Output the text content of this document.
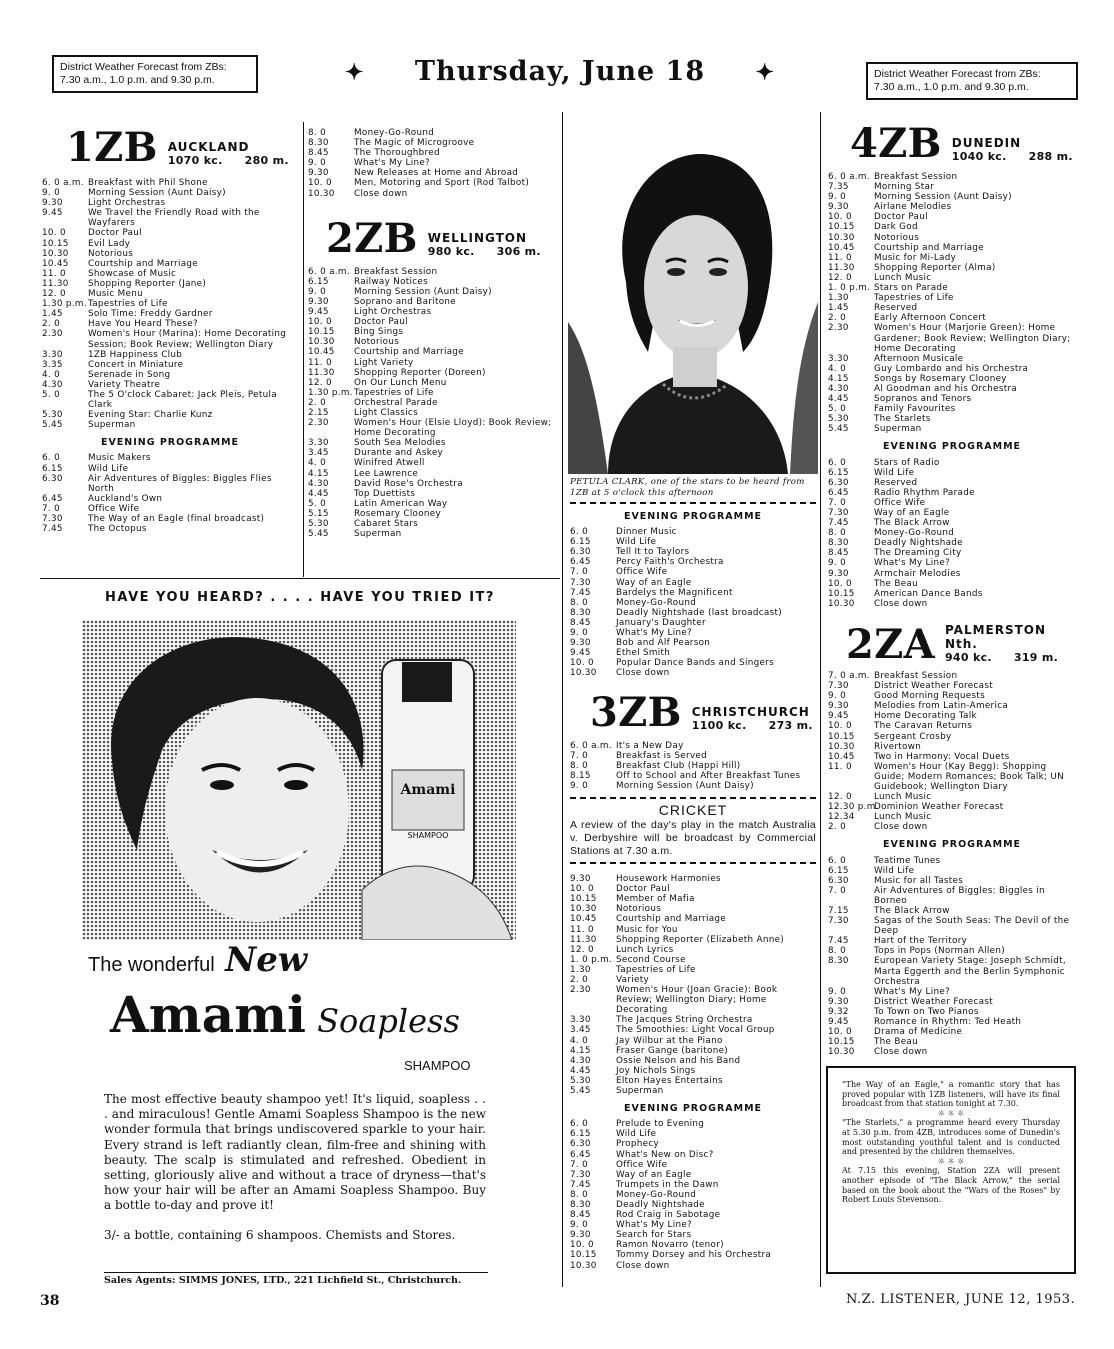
District Weather Forecast from ZBs:
7.30 a.m., 1.0 p.m. and 9.30 p.m.	✦ Thursday, June 18 ✦	District Weather Forecast from ZBs:
7.30 a.m., 1.0 p.m. and 9.30 p.m.
1ZB AUCKLAND
1070 kc. 280 m.
6. 0 a.m. Breakfast with Phil Shone
9. 0	Morning Session (Aunt Daisy)
9.30	Light Orchestras
9.45	We Travel the Friendly Road with the Wayfarers
10. 0	Doctor Paul
10.15	Evil Lady
10.30	Notorious
10.45	Courtship and Marriage
11. 0	Showcase of Music
11.30	Shopping Reporter (Jane)
12. 0	Music Menu
1.30 p.m. Tapestries of Life
1.45	Solo Time: Freddy Gardner
2. 0	Have You Heard These?
2.30	Women's Hour (Marina): Home Decorating Session; Book Review; Wellington Diary
3.30	1ZB Happiness Club
3.35	Concert in Miniature
4. 0	Serenade in Song
4.30	Variety Theatre
5. 0	The 5 O'clock Cabaret: Jack Pleis, Petula Clark
5.30	Evening Star: Charlie Kunz
5.45	Superman
EVENING PROGRAMME
6. 0	Music Makers
6.15	Wild Life
6.30	Air Adventures of Biggles: Biggles Flies North
6.45	Auckland's Own
7. 0	Office Wife
7.30	The Way of an Eagle (final broadcast)
7.45	The Octopus
8. 0	Money-Go-Round
8.30	The Magic of Microgroove
8.45	The Thoroughbred
9. 0	What's My Line?
9.30	New Releases at Home and Abroad
10. 0	Men, Motoring and Sport (Rod Talbot)
10.30	Close down
2ZB WELLINGTON
980 kc. 306 m.
6. 0 a.m. Breakfast Session
6.15	Railway Notices
9. 0	Morning Session (Aunt Daisy)
9.30	Soprano and Baritone
9.45	Light Orchestras
10. 0	Doctor Paul
10.15	Bing Sings
10.30	Notorious
10.45	Courtship and Marriage
11. 0	Light Variety
11.30	Shopping Reporter (Doreen)
12. 0	On Our Lunch Menu
1.30 p.m. Tapestries of Life
2. 0	Orchestral Parade
2.15	Light Classics
2.30	Women's Hour (Elsie Lloyd): Book Review; Home Decorating
3.30	South Sea Melodies
3.45	Durante and Askey
4. 0	Winifred Atwell
4.15	Lee Lawrence
4.30	David Rose's Orchestra
4.45	Top Duettists
5. 0	Latin American Way
5.15	Rosemary Clooney
5.30	Cabaret Stars
5.45	Superman
PETULA CLARK, one of the stars to be heard from 1ZB at 5 o'clock this afternoon
EVENING PROGRAMME
6. 0	Dinner Music
6.15	Wild Life
6.30	Tell It to Taylors
6.45	Percy Faith's Orchestra
7. 0	Office Wife
7.30	Way of an Eagle
7.45	Bardelys the Magnificent
8. 0	Money-Go-Round
8.30	Deadly Nightshade (last broadcast)
8.45	January's Daughter
9. 0	What's My Line?
9.30	Bob and Alf Pearson
9.45	Ethel Smith
10. 0	Popular Dance Bands and Singers
10.30	Close down
3ZB CHRISTCHURCH
1100 kc. 273 m.
6. 0 a.m. It's a New Day
7. 0	Breakfast is Served
8. 0	Breakfast Club (Happi Hill)
8.15	Off to School and After Breakfast Tunes
9. 0	Morning Session (Aunt Daisy)
CRICKET
A review of the day's play in the match Australia v. Derbyshire will be broadcast by Commercial Stations at 7.30 a.m.
9.30	Housework Harmonies
10. 0	Doctor Paul
10.15	Member of Mafia
10.30	Notorious
10.45	Courtship and Marriage
11. 0	Music for You
11.30	Shopping Reporter (Elizabeth Anne)
12. 0	Lunch Lyrics
1. 0 p.m. Second Course
1.30	Tapestries of Life
2. 0	Variety
2.30	Women's Hour (Joan Gracie): Book Review; Wellington Diary; Home Decorating
3.30	The Jacques String Orchestra
3.45	The Smoothies: Light Vocal Group
4. 0	Jay Wilbur at the Piano
4.15	Fraser Gange (baritone)
4.30	Ossie Nelson and his Band
4.45	Joy Nichols Sings
5.30	Elton Hayes Entertains
5.45	Superman
EVENING PROGRAMME
6. 0	Prelude to Evening
6.15	Wild Life
6.30	Prophecy
6.45	What's New on Disc?
7. 0	Office Wife
7.30	Way of an Eagle
7.45	Trumpets in the Dawn
8. 0	Money-Go-Round
8.30	Deadly Nightshade
8.45	Rod Craig in Sabotage
9. 0	What's My Line?
9.30	Search for Stars
10. 0	Ramon Novarro (tenor)
10.15	Tommy Dorsey and his Orchestra
10.30	Close down
4ZB DUNEDIN
1040 kc. 288 m.
6. 0 a.m. Breakfast Session
7.35	Morning Star
9. 0	Morning Session (Aunt Daisy)
9.30	Airlane Melodies
10. 0	Doctor Paul
10.15	Dark God
10.30	Notorious
10.45	Courtship and Marriage
11. 0	Music for Mi-Lady
11.30	Shopping Reporter (Alma)
12. 0	Lunch Music
1. 0 p.m. Stars on Parade
1.30	Tapestries of Life
1.45	Reserved
2. 0	Early Afternoon Concert
2.30	Women's Hour (Marjorie Green): Home Gardener; Book Review; Wellington Diary; Home Decorating
3.30	Afternoon Musicale
4. 0	Guy Lombardo and his Orchestra
4.15	Songs by Rosemary Clooney
4.30	Al Goodman and his Orchestra
4.45	Sopranos and Tenors
5. 0	Family Favourites
5.30	The Starlets
5.45	Superman
EVENING PROGRAMME
6. 0	Stars of Radio
6.15	Wild Life
6.30	Reserved
6.45	Radio Rhythm Parade
7. 0	Office Wife
7.30	Way of an Eagle
7.45	The Black Arrow
8. 0	Money-Go-Round
8.30	Deadly Nightshade
8.45	The Dreaming City
9. 0	What's My Line?
9.30	Armchair Melodies
10. 0	The Beau
10.15	American Dance Bands
10.30	Close down
2ZA PALMERSTON Nth.
940 kc. 319 m.
7. 0 a.m. Breakfast Session
7.30	District Weather Forecast
9. 0	Good Morning Requests
9.30	Melodies from Latin-America
9.45	Home Decorating Talk
10. 0	The Caravan Returns
10.15	Sergeant Crosby
10.30	Rivertown
10.45	Two in Harmony: Vocal Duets
11. 0	Women's Hour (Kay Begg): Shopping Guide; Modern Romances; Book Talk; UN Guidebook; Wellington Diary
12. 0	Lunch Music
12.30 p.m.
Dominion Weather Forecast
12.34	Lunch Music
2. 0	Close down
EVENING PROGRAMME
6. 0	Teatime Tunes
6.15	Wild Life
6.30	Music for all Tastes
7. 0	Air Adventures of Biggles: Biggles in Borneo
7.15	The Black Arrow
7.30	Sagas of the South Seas: The Devil of the Deep
7.45	Hart of the Territory
8. 0	Tops in Pops (Norman Allen)
8.30	European Variety Stage: Joseph Schmidt, Marta Eggerth and the Berlin Symphonic Orchestra
9. 0	What's My Line?
9.30	District Weather Forecast
9.32	To Town on Two Pianos
9.45	Romance in Rhythm: Ted Heath
10. 0	Drama of Medicine
10.15	The Beau
10.30	Close down
"The Way of an Eagle," a romantic story that has proved popular with 1ZB listeners, will have its final broadcast from that station tonight at 7.30.
☼ ☼ ☼
"The Starlets," a programme heard every Thursday at 5.30 p.m. from 4ZB, introduces some of Dunedin's most outstanding youthful talent and is conducted and presented by the children themselves.
☼ ☼ ☼
At 7.15 this evening, Station 2ZA will present another episode of "The Black Arrow," the serial based on the book about the "Wars of the Roses" by Robert Louis Stevenson.
HAVE YOU HEARD? . . . . HAVE YOU TRIED IT?
Amami
SHAMPOO
The wonderful New
Amami Soapless
SHAMPOO
The most effective beauty shampoo yet! It's liquid, soapless . . . and miraculous! Gentle Amami Soapless Shampoo is the new wonder formula that brings undiscovered sparkle to your hair. Every strand is left radiantly clean, film-free and shining with beauty. The scalp is stimulated and refreshed. Obedient in setting, gloriously alive and without a trace of dryness—that's how your hair will be after an Amami Soapless Shampoo. Buy a bottle to-day and prove it!
3/- a bottle, containing 6 shampoos. Chemists and Stores.
Sales Agents: SIMMS JONES, LTD., 221 Lichfield St., Christchurch.
38	N.Z. LISTENER, JUNE 12, 1953.
